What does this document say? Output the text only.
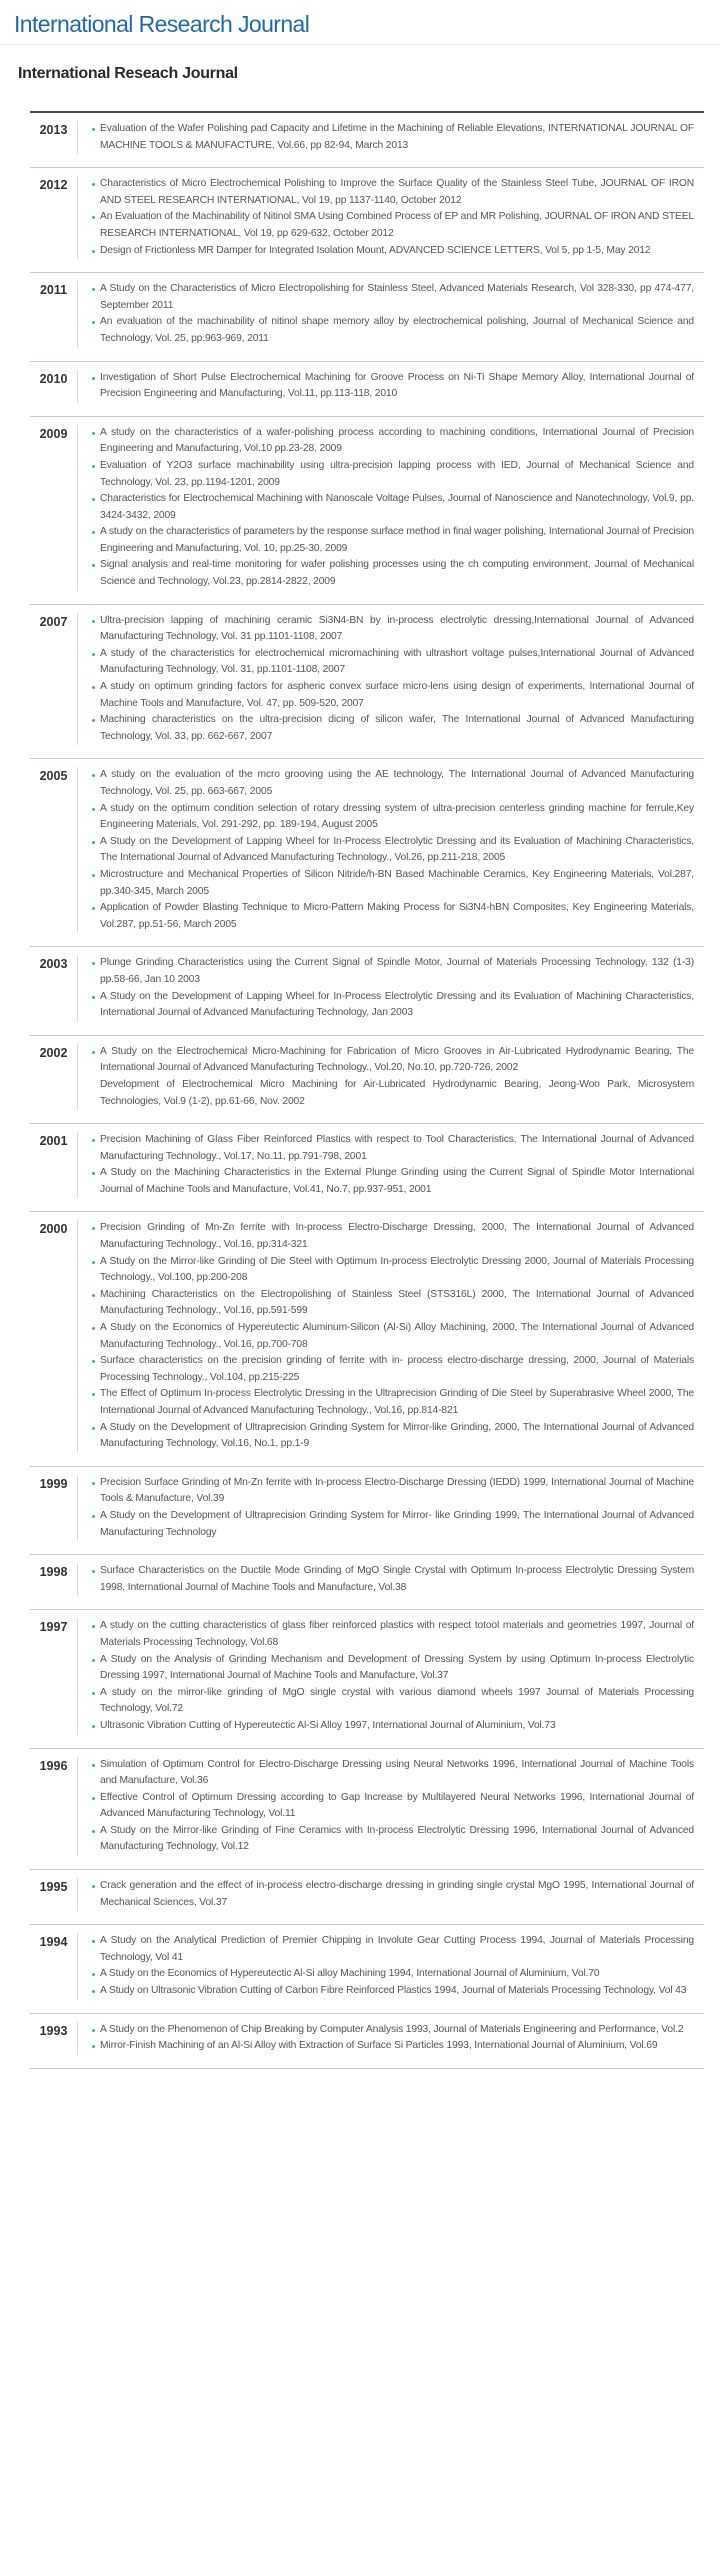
International Research Journal
International Reseach Journal
2013	Evaluation of the Wafer Polishing pad Capacity and Lifetime in the Machining of Reliable Elevations, INTERNATIONAL JOURNAL OF MACHINE TOOLS & MANUFACTURE, Vol.66, pp 82-94, March 2013
2012	Characteristics of Micro Electrochemical Polishing to Improve the Surface Quality of the Stainless Steel Tube, JOURNAL OF IRON AND STEEL RESEARCH INTERNATIONAL, Vol 19, pp 1137-1140, October 2012
An Evaluation of the Machinability of Nitinol SMA Using Combined Process of EP and MR Polishing, JOURNAL OF IRON AND STEEL RESEARCH INTERNATIONAL, Vol 19, pp 629-632, October 2012
Design of Frictionless MR Damper for Integrated Isolation Mount, ADVANCED SCIENCE LETTERS, Vol 5, pp 1-5, May 2012
2011	A Study on the Characteristics of Micro Electropolishing for Stainless Steel, Advanced Materials Research, Vol 328-330, pp 474-477, September 2011
An evaluation of the machinability of nitinol shape memory alloy by electrochemical polishing, Journal of Mechanical Science and Technology, Vol. 25, pp.963-969, 2011
2010	Investigation of Short Pulse Electrochemical Machining for Groove Process on Ni-Ti Shape Memory Alloy, International Journal of Precision Engineering and Manufacturing, Vol.11, pp.113-118, 2010
2009	A study on the characteristics of a wafer-polishing process according to machining conditions, International Journal of Precision Engineering and Manufacturing, Vol.10 pp.23-28, 2009
Evaluation of Y2O3 surface machinability using ultra-precision lapping process with IED, Journal of Mechanical Science and Technology, Vol. 23, pp.1194-1201, 2009
Characteristics for Electrochemical Machining with Nanoscale Voltage Pulses, Journal of Nanoscience and Nanotechnology, Vol.9, pp. 3424-3432, 2009
A study on the characteristics of parameters by the response surface method in final wager polishing, International Journal of Precision Engineering and Manufacturing, Vol. 10, pp.25-30, 2009
Signal analysis and real-time monitoring for wafer polishing processes using the ch computing environment, Journal of Mechanical Science and Technology, Vol.23, pp.2814-2822, 2009
2007	Ultra-precision lapping of machining ceramic Si3N4-BN by in-process electrolytic dressing,International Journal of Advanced Manufacturing Technology, Vol. 31 pp.1101-1108, 2007
A study of the characteristics for electrochemical micromachining with ultrashort voltage pulses,International Journal of Advanced Manufacturing Technology, Vol. 31, pp.1101-1108, 2007
A study on optimum grinding factors for aspheric convex surface micro-lens using design of experiments, International Journal of Machine Tools and Manufacture, Vol. 47, pp. 509-520, 2007
Machining characteristics on the ultra-precision dicing of silicon wafer, The International Journal of Advanced Manufacturing Technology, Vol. 33, pp. 662-667, 2007
2005	A study on the evaluation of the mcro grooving using the AE technology, The International Journal of Advanced Manufacturing Technology, Vol. 25, pp. 663-667, 2005
A study on the optimum condition selection of rotary dressing system of ultra-precision centerless grinding machine for ferrule,Key Engineering Materials, Vol. 291-292, pp. 189-194, August 2005
A Study on the Development of Lapping Wheel for In-Process Electrolytic Dressing and its Evaluation of Machining Characteristics, The International Journal of Advanced Manufacturing Technology., Vol.26, pp.211-218, 2005
Microstructure and Mechanical Properties of Silicon Nitride/h-BN Based Machinable Ceramics, Key Engineering Materials, Vol.287, pp.340-345, March 2005
Application of Powder Blasting Technique to Micro-Pattern Making Process for Si3N4-hBN Composites, Key Engineering Materials, Vol.287, pp.51-56, March 2005
2003	Plunge Grinding Characteristics using the Current Signal of Spindle Motor, Journal of Materials Processing Technology, 132 (1-3) pp.58-66, Jan 10 2003
A Study on the Development of Lapping Wheel for In-Process Electrolytic Dressing and its Evaluation of Machining Characteristics, International Journal of Advanced Manufacturing Technology, Jan 2003
2002	A Study on the Electrochemical Micro-Machining for Fabrication of Micro Grooves in Air-Lubricated Hydrodynamic Bearing, The International Journal of Advanced Manufacturing Technology., Vol.20, No.10, pp.720-726, 2002
Development of Electrochemical Micro Machining for Air-Lubricated Hydrodynamic Bearing, Jeong-Woo Park, Microsystem Technologies, Vol.9 (1-2), pp.61-66, Nov. 2002
2001	Precision Machining of Glass Fiber Reinforced Plastics with respect to Tool Characteristics, The International Journal of Advanced Manufacturing Technology., Vol.17, No.11, pp.791-798, 2001
A Study on the Machining Characteristics in the External Plunge Grinding using the Current Signal of Spindle Motor International Journal of Machine Tools and Manufacture, Vol.41, No.7, pp.937-951, 2001
2000	Precision Grinding of Mn-Zn ferrite with In-process Electro-Discharge Dressing, 2000, The International Journal of Advanced Manufacturing Technology., Vol.16, pp.314-321
A Study on the Mirror-like Grinding of Die Steel with Optimum In-process Electrolytic Dressing 2000, Journal of Materials Processing Technology., Vol.100, pp.200-208
Machining Characteristics on the Electropolishing of Stainless Steel (STS316L) 2000, The International Journal of Advanced Manufacturing Technology., Vol.16, pp.591-599
A Study on the Economics of Hypereutectic Aluminum-Silicon (Al-Si) Alloy Machining, 2000, The International Journal of Advanced Manufacturing Technology., Vol.16, pp.700-708
Surface characteristics on the precision grinding of ferrite with in- process electro-discharge dressing, 2000, Journal of Materials Processing Technology., Vol.104, pp.215-225
The Effect of Optimum In-process Electrolytic Dressing in the Ultraprecision Grinding of Die Steel by Superabrasive Wheel 2000, The International Journal of Advanced Manufacturing Technology., Vol.16, pp.814-821
A Study on the Development of Ultraprecision Grinding System for Mirror-like Grinding, 2000, The International Journal of Advanced Manufacturing Technology, Vol.16, No.1, pp.1-9
1999	Precision Surface Grinding of Mn-Zn ferrite with In-process Electro-Discharge Dressing (IEDD) 1999, International Journal of Machine Tools & Manufacture, Vol.39
A Study on the Development of Ultraprecision Grinding System for Mirror- like Grinding 1999, The International Journal of Advanced Manufacturing Technology
1998	Surface Characteristics on the Ductile Mode Grinding of MgO Single Crystal with Optimum In-process Electrolytic Dressing System 1998, International Journal of Machine Tools and Manufacture, Vol.38
1997	A study on the cutting characteristics of glass fiber reinforced plastics with respect totool materials and geometries 1997, Journal of Materials Processing Technology, Vol.68
A Study on the Analysis of Grinding Mechanism and Development of Dressing System by using Optimum In-process Electrolytic Dressing 1997, International Journal of Machine Tools and Manufacture, Vol.37
A study on the mirror-like grinding of MgO single crystal with various diamond wheels 1997 Journal of Materials Processing Technology, Vol.72
Ultrasonic Vibration Cutting of Hypereutectic Al-Si Alloy 1997, International Journal of Aluminium, Vol.73
1996	Simulation of Optimum Control for Electro-Discharge Dressing using Neural Networks 1996, International Journal of Machine Tools and Manufacture, Vol.36
Effective Control of Optimum Dressing according to Gap Increase by Multilayered Neural Networks 1996, International Journal of Advanced Manufacturing Technology, Vol.11
A Study on the Mirror-like Grinding of Fine Ceramics with In-process Electrolytic Dressing 1996, International Journal of Advanced Manufacturing Technology, Vol.12
1995	Crack generation and the effect of in-process electro-discharge dressing in grinding single crystal MgO 1995, International Journal of Mechanical Sciences, Vol.37
1994	A Study on the Analytical Prediction of Premier Chipping in Involute Gear Cutting Process 1994, Journal of Materials Processing Technology, Vol 41
A Study on the Economics of Hypereutectic Al-Si alloy Machining 1994, International Journal of Aluminium, Vol.70
A Study on Ultrasonic Vibration Cutting of Carbon Fibre Reinforced Plastics 1994, Journal of Materials Processing Technology, Vol 43
1993	A Study on the Phenomenon of Chip Breaking by Computer Analysis 1993, Journal of Materials Engineering and Performance, Vol.2
Mirror-Finish Machining of an Al-Si Alloy with Extraction of Surface Si Particles 1993, International Journal of Aluminium, Vol.69
